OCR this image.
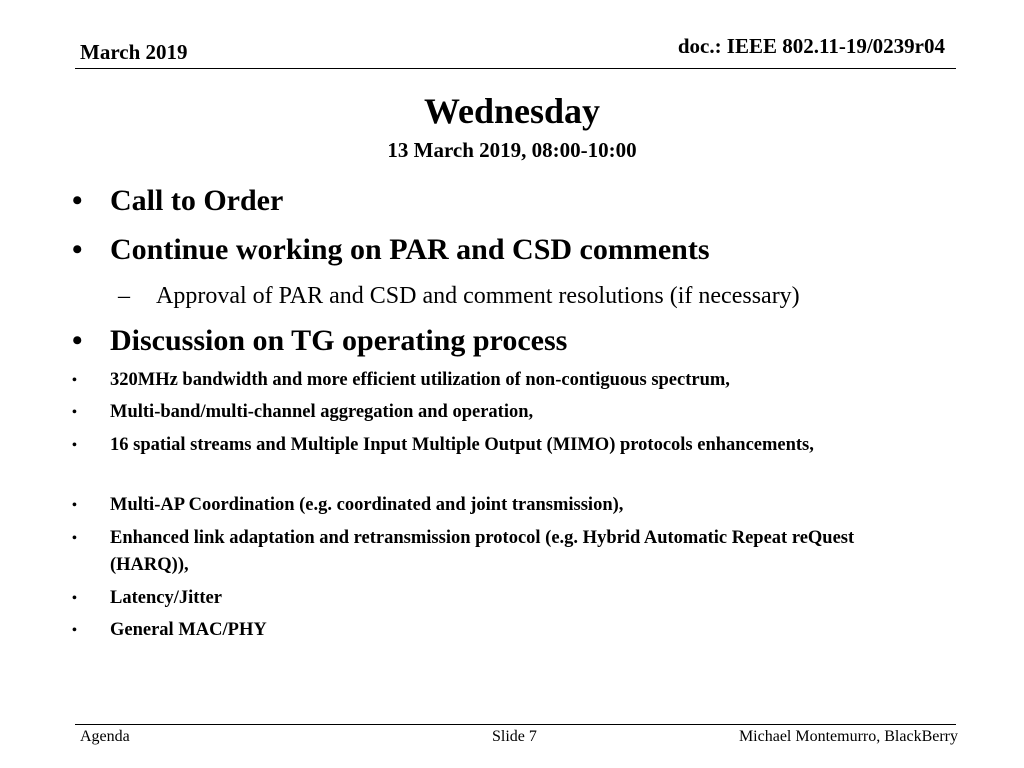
March 2019	doc.: IEEE 802.11-19/0239r04
Wednesday
13 March 2019, 08:00-10:00
• Call to Order
• Continue working on PAR and CSD comments
– Approval of PAR and CSD and comment resolutions (if necessary)
• Discussion on TG operating process
• 320MHz bandwidth and more efficient utilization of non-contiguous spectrum,
• Multi-band/multi-channel aggregation and operation,
• 16 spatial streams and Multiple Input Multiple Output (MIMO) protocols enhancements,
• Multi-AP Coordination (e.g. coordinated and joint transmission),
• Enhanced link adaptation and retransmission protocol (e.g. Hybrid Automatic Repeat reQuest (HARQ)),
• Latency/Jitter
• General MAC/PHY
Agenda	Slide 7	Michael Montemurro, BlackBerry
